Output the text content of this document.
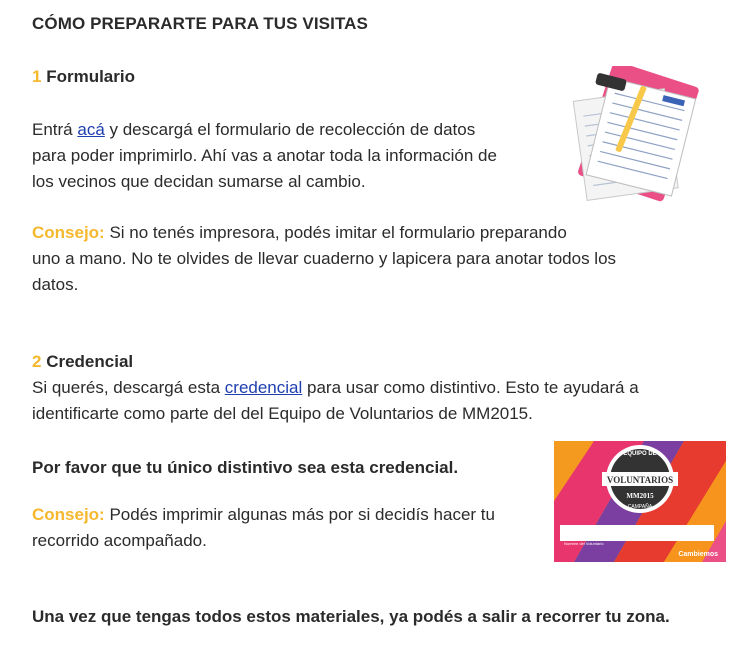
CÓMO PREPARARTE PARA TUS VISITAS
1 Formulario
Entrá acá y descargá el formulario de recolección de datos
para poder imprimirlo. Ahí vas a anotar toda la información de
los vecinos que decidan sumarse al cambio.
Consejo: Si no tenés impresora, podés imitar el formulario preparando
uno a mano. No te olvides de llevar cuaderno y lapicera para anotar todos los
datos.
2 Credencial
Si querés, descargá esta credencial para usar como distintivo. Esto te ayudará a
identificarte como parte del del Equipo de Voluntarios de MM2015.
Por favor que tu único distintivo sea esta credencial.
Consejo: Podés imprimir algunas más por si decidís hacer tu
recorrido acompañado.
EQUIPO DE
VOLUNTARIOS
MM2015
CAMPAÑA
Nombre del Voluntario
Cambiemos
Una vez que tengas todos estos materiales, ya podés a salir a recorrer tu zona.
